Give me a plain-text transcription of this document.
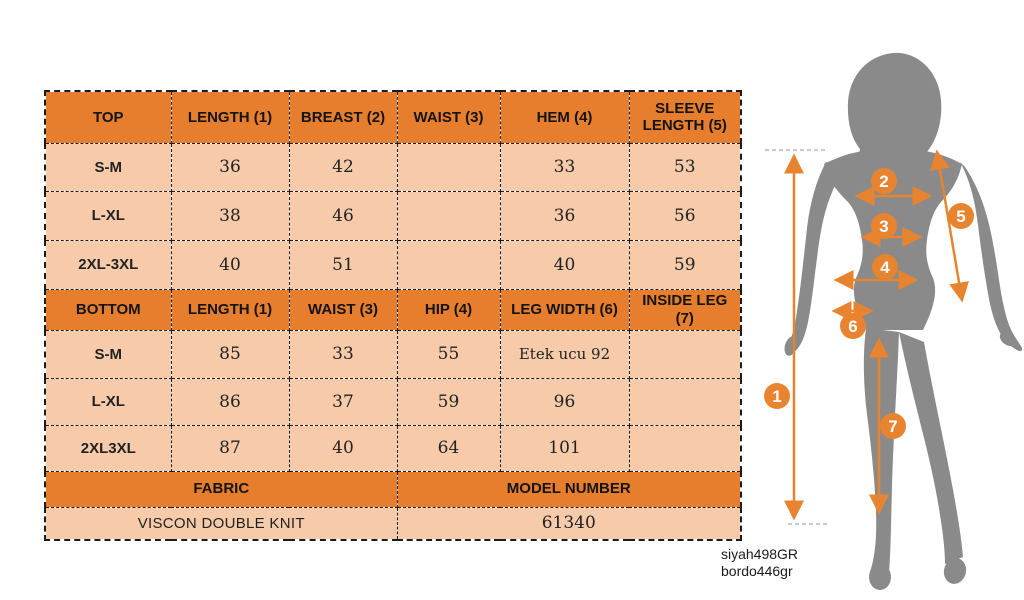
TOP	LENGTH (1)	BREAST (2)	WAIST (3)	HEM (4)	SLEEVE LENGTH (5)
S-M	36	42		33	53
L-XL	38	46		36	56
2XL-3XL	40	51		40	59
BOTTOM	LENGTH (1)	WAIST (3)	HIP (4)	LEG WIDTH (6)	INSIDE LEG (7)
S-M	85	33	55	Etek ucu 92	
L-XL	86	37	59	96	
2XL3XL	87	40	64	101	
FABRIC			MODEL NUMBER		
VISCON DOUBLE KNIT			61340		
siyah498GR
bordo446gr
1
2
3
4
5
6
7
